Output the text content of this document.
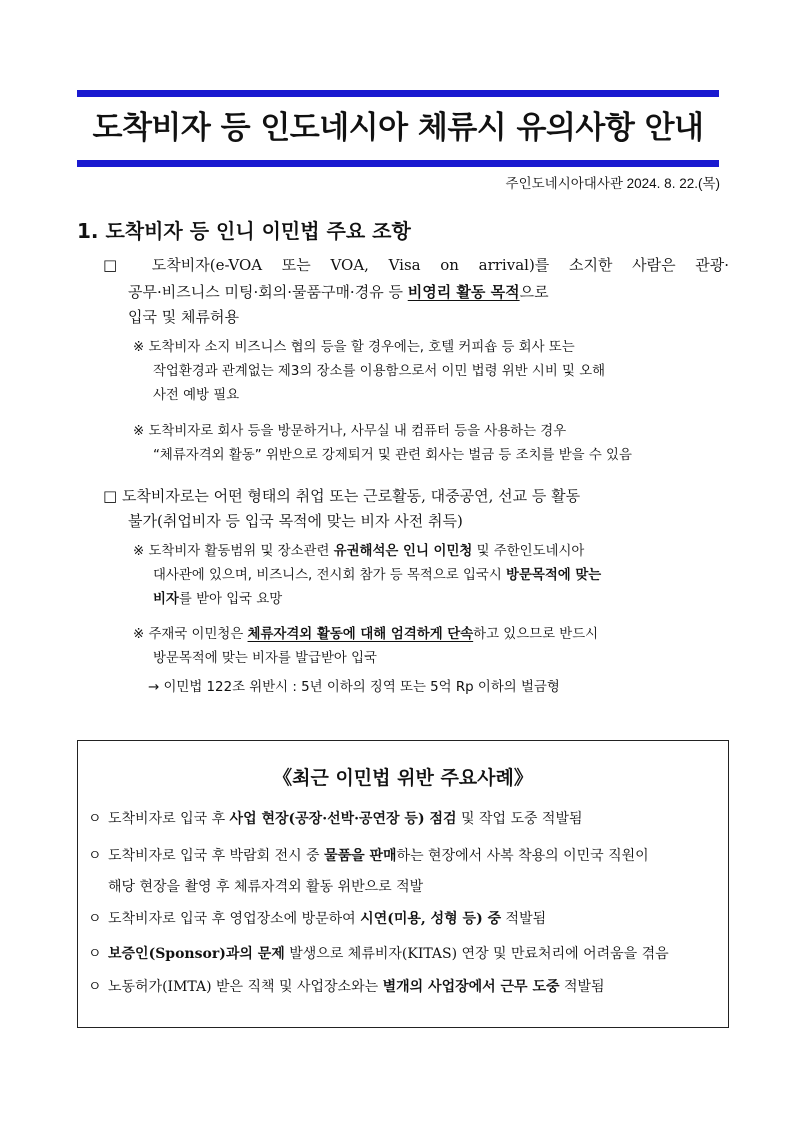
도착비자 등 인도네시아 체류시 유의사항 안내
주인도네시아대사관 2024. 8. 22.(목)
1. 도착비자 등 인니 이민법 주요 조항
□ 도착비자(e-VOA 또는 VOA, Visa on arrival)를 소지한 사람은 관광·
공무·비즈니스 미팅·회의·물품구매·경유 등 비영리 활동 목적으로
입국 및 체류허용
※ 도착비자 소지 비즈니스 협의 등을 할 경우에는, 호텔 커피숍 등 회사 또는
작업환경과 관계없는 제3의 장소를 이용함으로서 이민 법령 위반 시비 및 오해
사전 예방 필요
※ 도착비자로 회사 등을 방문하거나, 사무실 내 컴퓨터 등을 사용하는 경우
“체류자격외 활동” 위반으로 강제퇴거 및 관련 회사는 벌금 등 조치를 받을 수 있음
□ 도착비자로는 어떤 형태의 취업 또는 근로활동, 대중공연, 선교 등 활동
불가(취업비자 등 입국 목적에 맞는 비자 사전 취득)
※ 도착비자 활동범위 및 장소관련 유권해석은 인니 이민청 및 주한인도네시아
대사관에 있으며, 비즈니스, 전시회 참가 등 목적으로 입국시 방문목적에 맞는
비자를 받아 입국 요망
※ 주재국 이민청은 체류자격외 활동에 대해 엄격하게 단속하고 있으므로 반드시
방문목적에 맞는 비자를 발급받아 입국
→ 이민법 122조 위반시 : 5년 이하의 징역 또는 5억 Rp 이하의 벌금형
《최근 이민법 위반 주요사례》
ㅇ 도착비자로 입국 후 사업 현장(공장·선박·공연장 등) 점검 및 작업 도중 적발됨
ㅇ 도착비자로 입국 후 박람회 전시 중 물품을 판매하는 현장에서 사복 착용의 이민국 직원이
해당 현장을 촬영 후 체류자격외 활동 위반으로 적발
ㅇ 도착비자로 입국 후 영업장소에 방문하여 시연(미용, 성형 등) 중 적발됨
ㅇ 보증인(Sponsor)과의 문제 발생으로 체류비자(KITAS) 연장 및 만료처리에 어려움을 겪음
ㅇ 노동허가(IMTA) 받은 직책 및 사업장소와는 별개의 사업장에서 근무 도중 적발됨
